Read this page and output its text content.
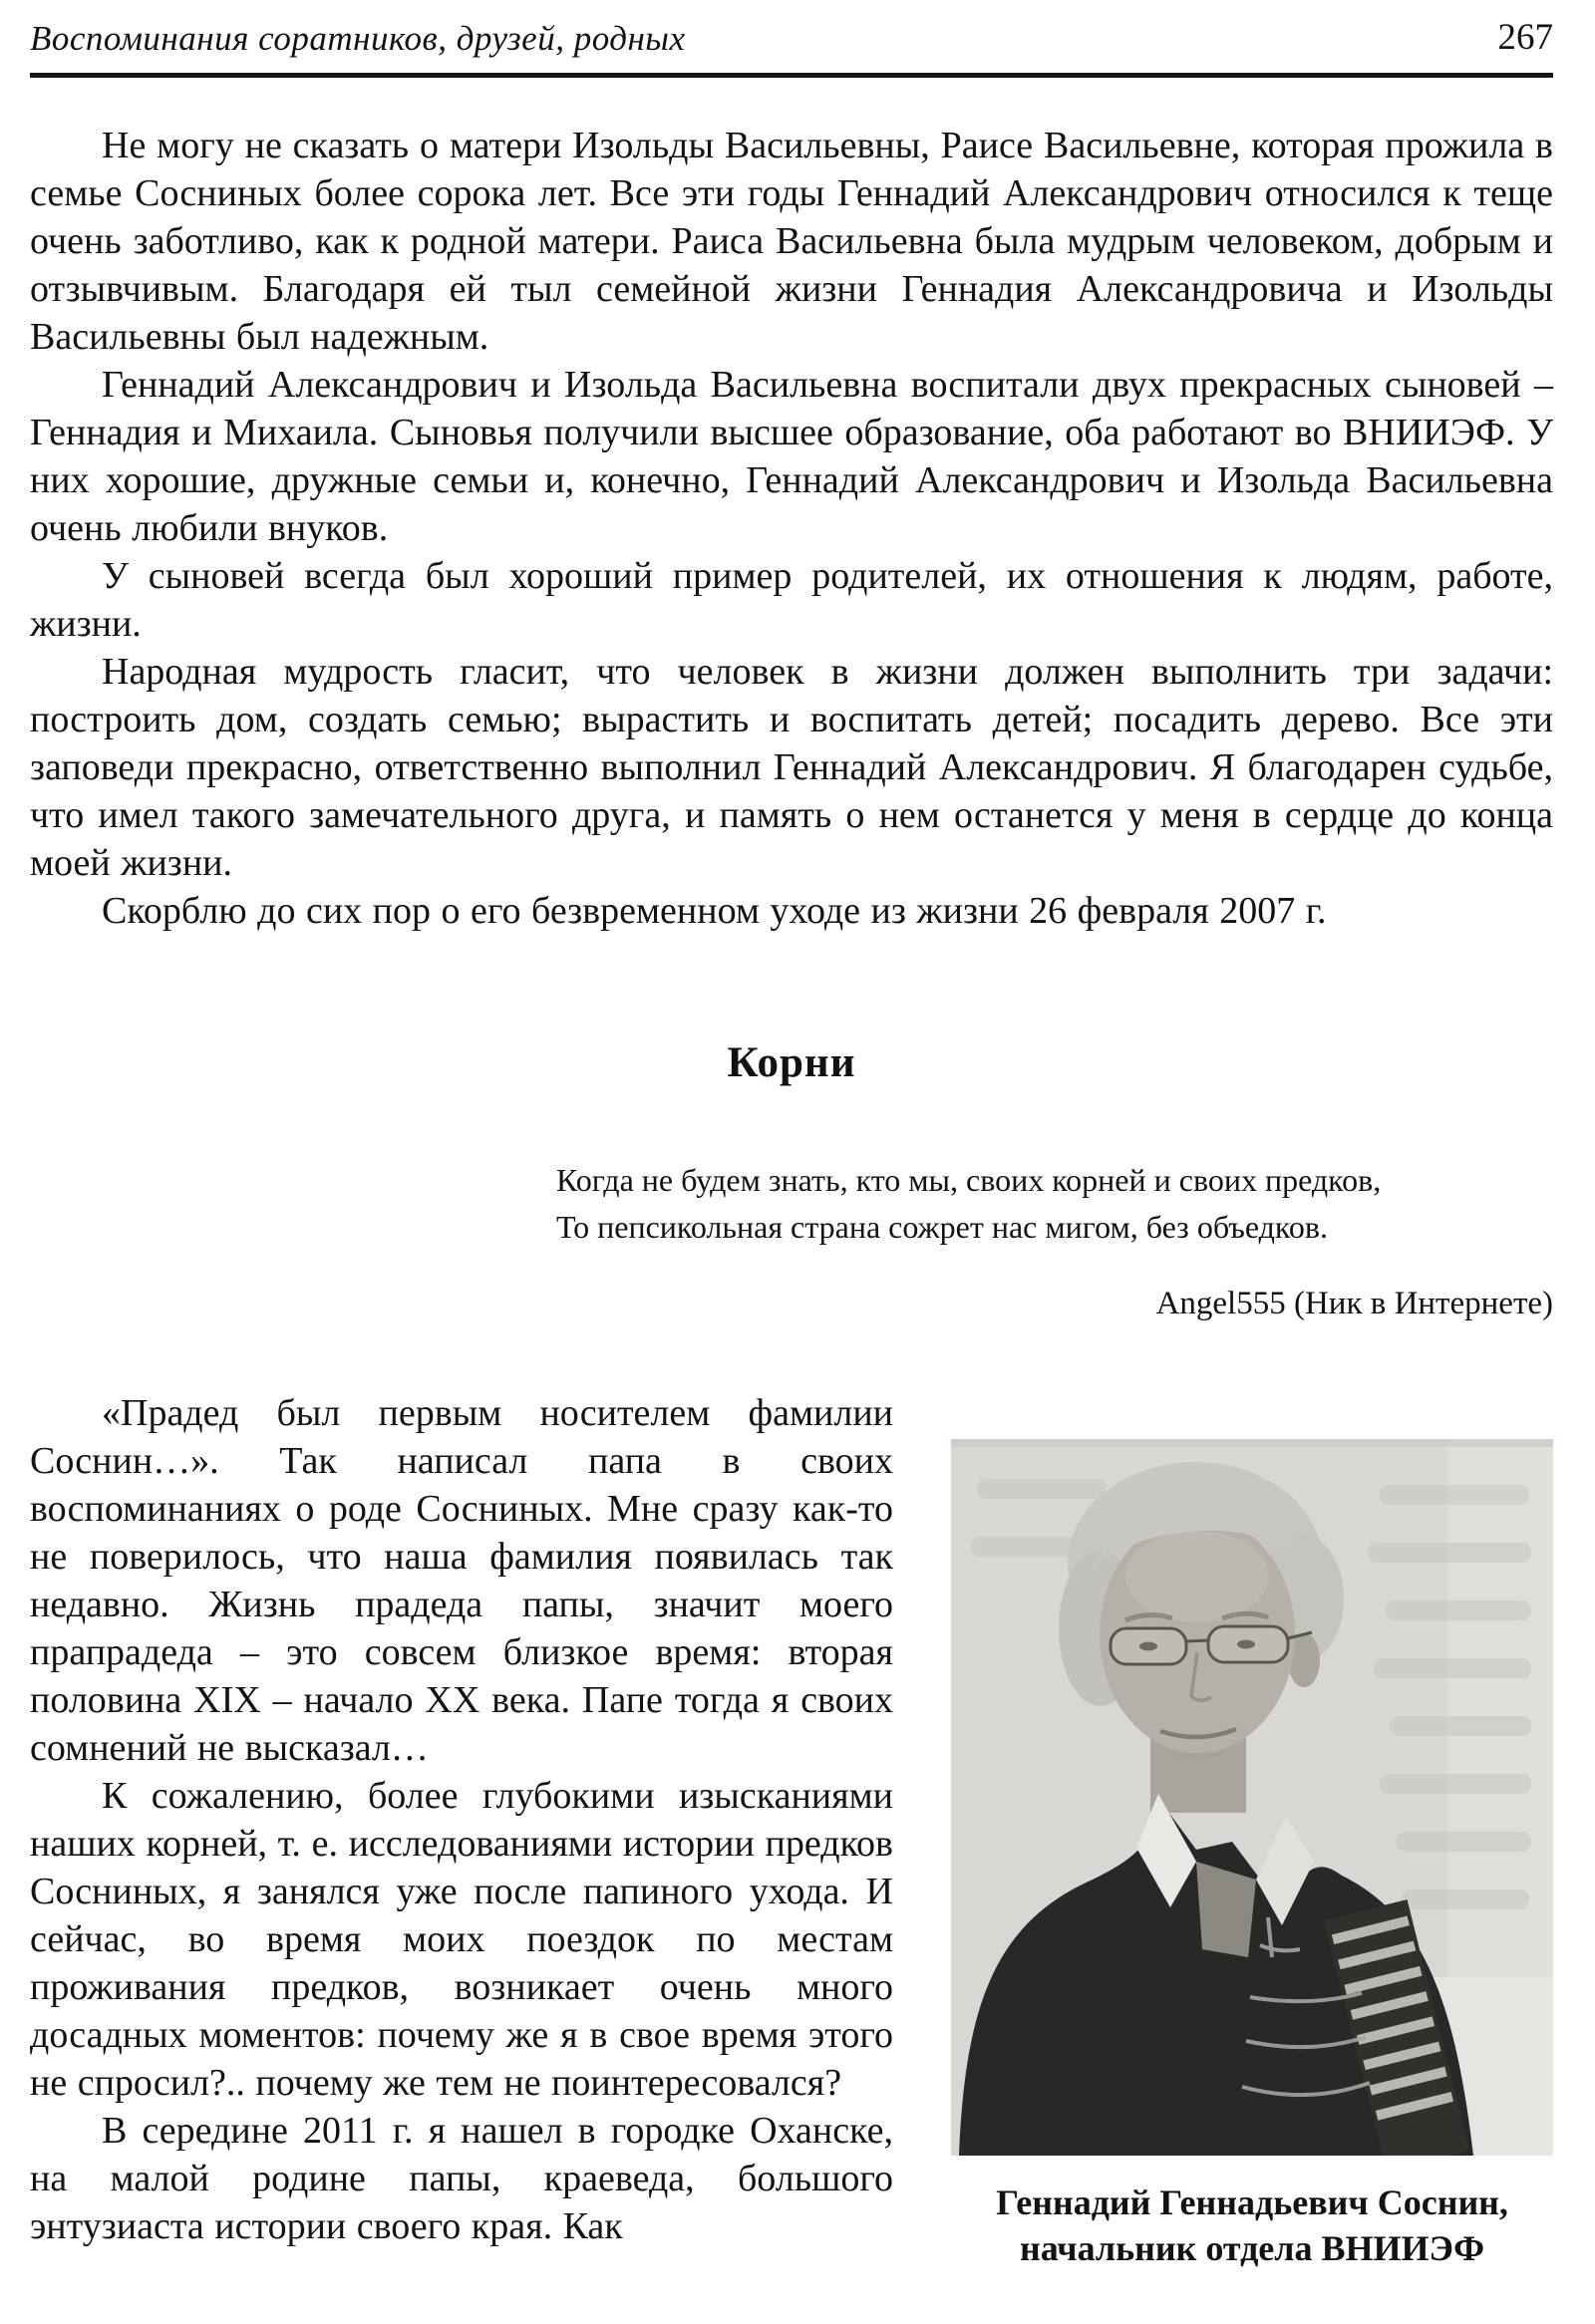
Воспоминания соратников, друзей, родных	267

Не могу не сказать о матери Изольды Васильевны, Раисе Васильевне, которая прожила в семье Сосниных более сорока лет. Все эти годы Геннадий Александрович относился к теще очень заботливо, как к родной матери. Раиса Васильевна была мудрым человеком, добрым и отзывчивым. Благодаря ей тыл семейной жизни Геннадия Александровича и Изольды Васильевны был надежным.

Геннадий Александрович и Изольда Васильевна воспитали двух прекрасных сыновей – Геннадия и Михаила. Сыновья получили высшее образование, оба работают во ВНИИЭФ. У них хорошие, дружные семьи и, конечно, Геннадий Александрович и Изольда Васильевна очень любили внуков.

У сыновей всегда был хороший пример родителей, их отношения к людям, работе, жизни.

Народная мудрость гласит, что человек в жизни должен выполнить три задачи: построить дом, создать семью; вырастить и воспитать детей; посадить дерево. Все эти заповеди прекрасно, ответственно выполнил Геннадий Александрович. Я благодарен судьбе, что имел такого замечательного друга, и память о нем останется у меня в сердце до конца моей жизни.

Скорблю до сих пор о его безвременном уходе из жизни 26 февраля 2007 г.

Корни
Когда не будем знать, кто мы, своих корней и своих предков,
То пепсикольная страна сожрет нас мигом, без объедков.
Angel555 (Ник в Интернете)
Геннадий Геннадьевич Соснин,
начальник отдела ВНИИЭФ

«Прадед был первым носителем фамилии Соснин…». Так написал папа в своих воспоминаниях о роде Сосниных. Мне сразу как-то не поверилось, что наша фамилия появилась так недавно. Жизнь прадеда папы, значит моего прапрадеда – это совсем близкое время: вторая половина XIX – начало XX века. Папе тогда я своих сомнений не высказал…

К сожалению, более глубокими изысканиями наших корней, т. е. исследованиями истории предков Сосниных, я занялся уже после папиного ухода. И сейчас, во время моих поездок по местам проживания предков, возникает очень много досадных моментов: почему же я в свое время этого не спросил?.. почему же тем не поинтересовался?

В середине 2011 г. я нашел в городке Оханске, на малой родине папы, краеведа, большого энтузиаста истории своего края. Как
